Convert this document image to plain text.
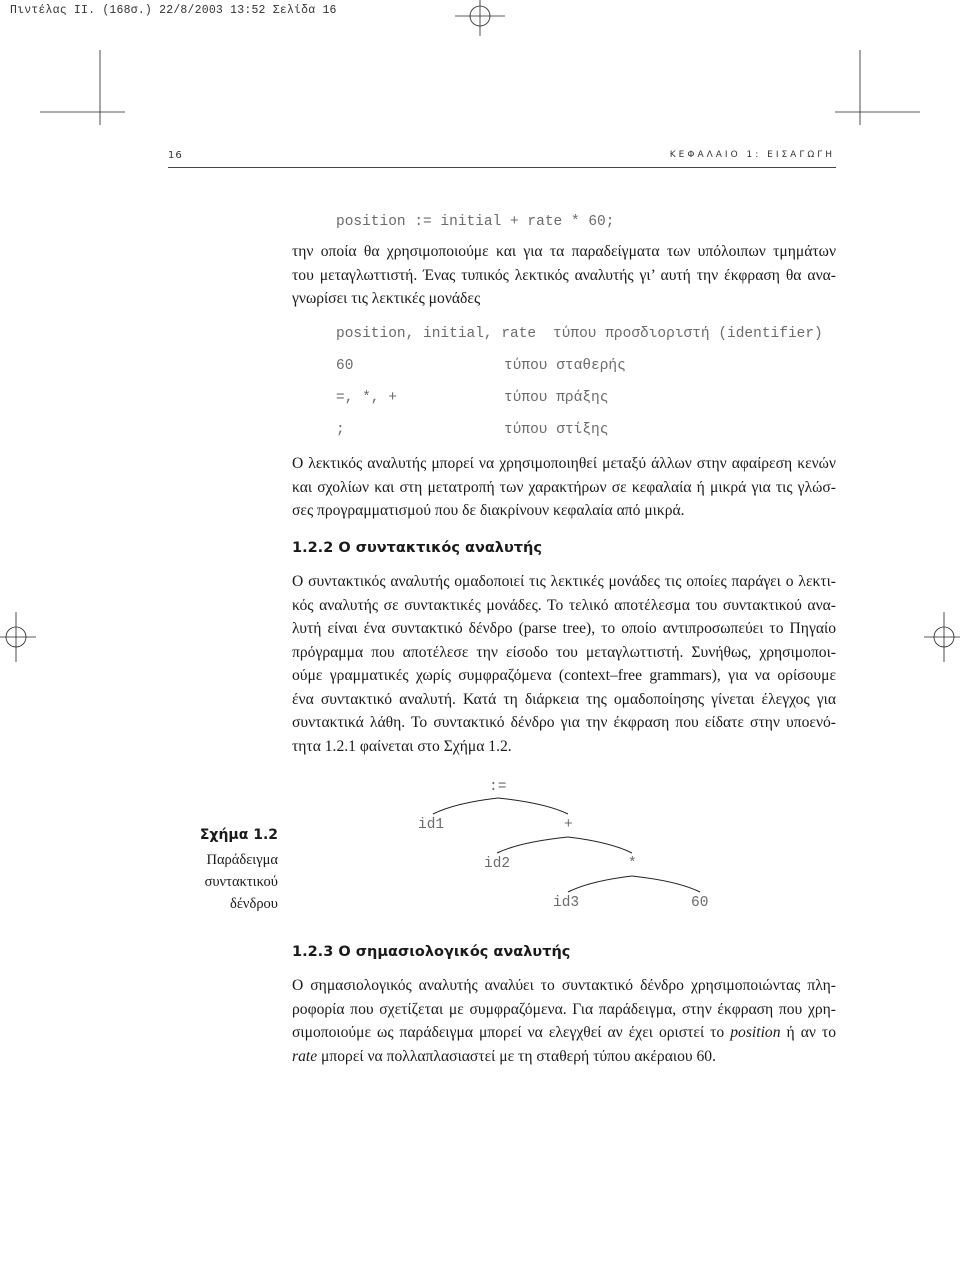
Πιντέλας ΙΙ. (168σ.) 22/8/2003 13:52 Σελίδα 16
16	ΚΕΦΑΛΑΙΟ 1: ΕΙΣΑΓΩΓΗ
position := initial + rate * 60;
την οποία θα χρησιμοποιούμε και για τα παραδείγματα των υπόλοιπων τμημάτων
του μεταγλωττιστή. Ένας τυπικός λεκτικός αναλυτής γι’ αυτή την έκφραση θα ανα-
γνωρίσει τις λεκτικές μονάδες
position, initial, rate τύπου προσδιοριστή (identifier)
60	τύπου σταθερής
=, *, +	τύπου πράξης
;	τύπου στίξης
Ο λεκτικός αναλυτής μπορεί να χρησιμοποιηθεί μεταξύ άλλων στην αφαίρεση κενών
και σχολίων και στη μετατροπή των χαρακτήρων σε κεφαλαία ή μικρά για τις γλώσ-
σες προγραμματισμού που δε διακρίνουν κεφαλαία από μικρά.
1.2.2 Ο συντακτικός αναλυτής
Ο συντακτικός αναλυτής ομαδοποιεί τις λεκτικές μονάδες τις οποίες παράγει ο λεκτι-
κός αναλυτής σε συντακτικές μονάδες. Το τελικό αποτέλεσμα του συντακτικού ανα-
λυτή είναι ένα συντακτικό δένδρο (parse tree), το οποίο αντιπροσωπεύει το Πηγαίο
πρόγραμμα που αποτέλεσε την είσοδο του μεταγλωττιστή. Συνήθως, χρησιμοποι-
ούμε γραμματικές χωρίς συμφραζόμενα (context–free grammars), για να ορίσουμε
ένα συντακτικό αναλυτή. Κατά τη διάρκεια της ομαδοποίησης γίνεται έλεγχος για
συντακτικά λάθη. Το συντακτικό δένδρο για την έκφραση που είδατε στην υποενό-
τητα 1.2.1 φαίνεται στο Σχήμα 1.2.
Σχήμα 1.2
Παράδειγμα
συντακτικού
δένδρου
:=
id1	+
id2	*
id3	60
1.2.3 Ο σημασιολογικός αναλυτής
Ο σημασιολογικός αναλυτής αναλύει το συντακτικό δένδρο χρησιμοποιώντας πλη-
ροφορία που σχετίζεται με συμφραζόμενα. Για παράδειγμα, στην έκφραση που χρη-
σιμοποιούμε ως παράδειγμα μπορεί να ελεγχθεί αν έχει οριστεί το position ή αν το
rate μπορεί να πολλαπλασιαστεί με τη σταθερή τύπου ακέραιου 60.
